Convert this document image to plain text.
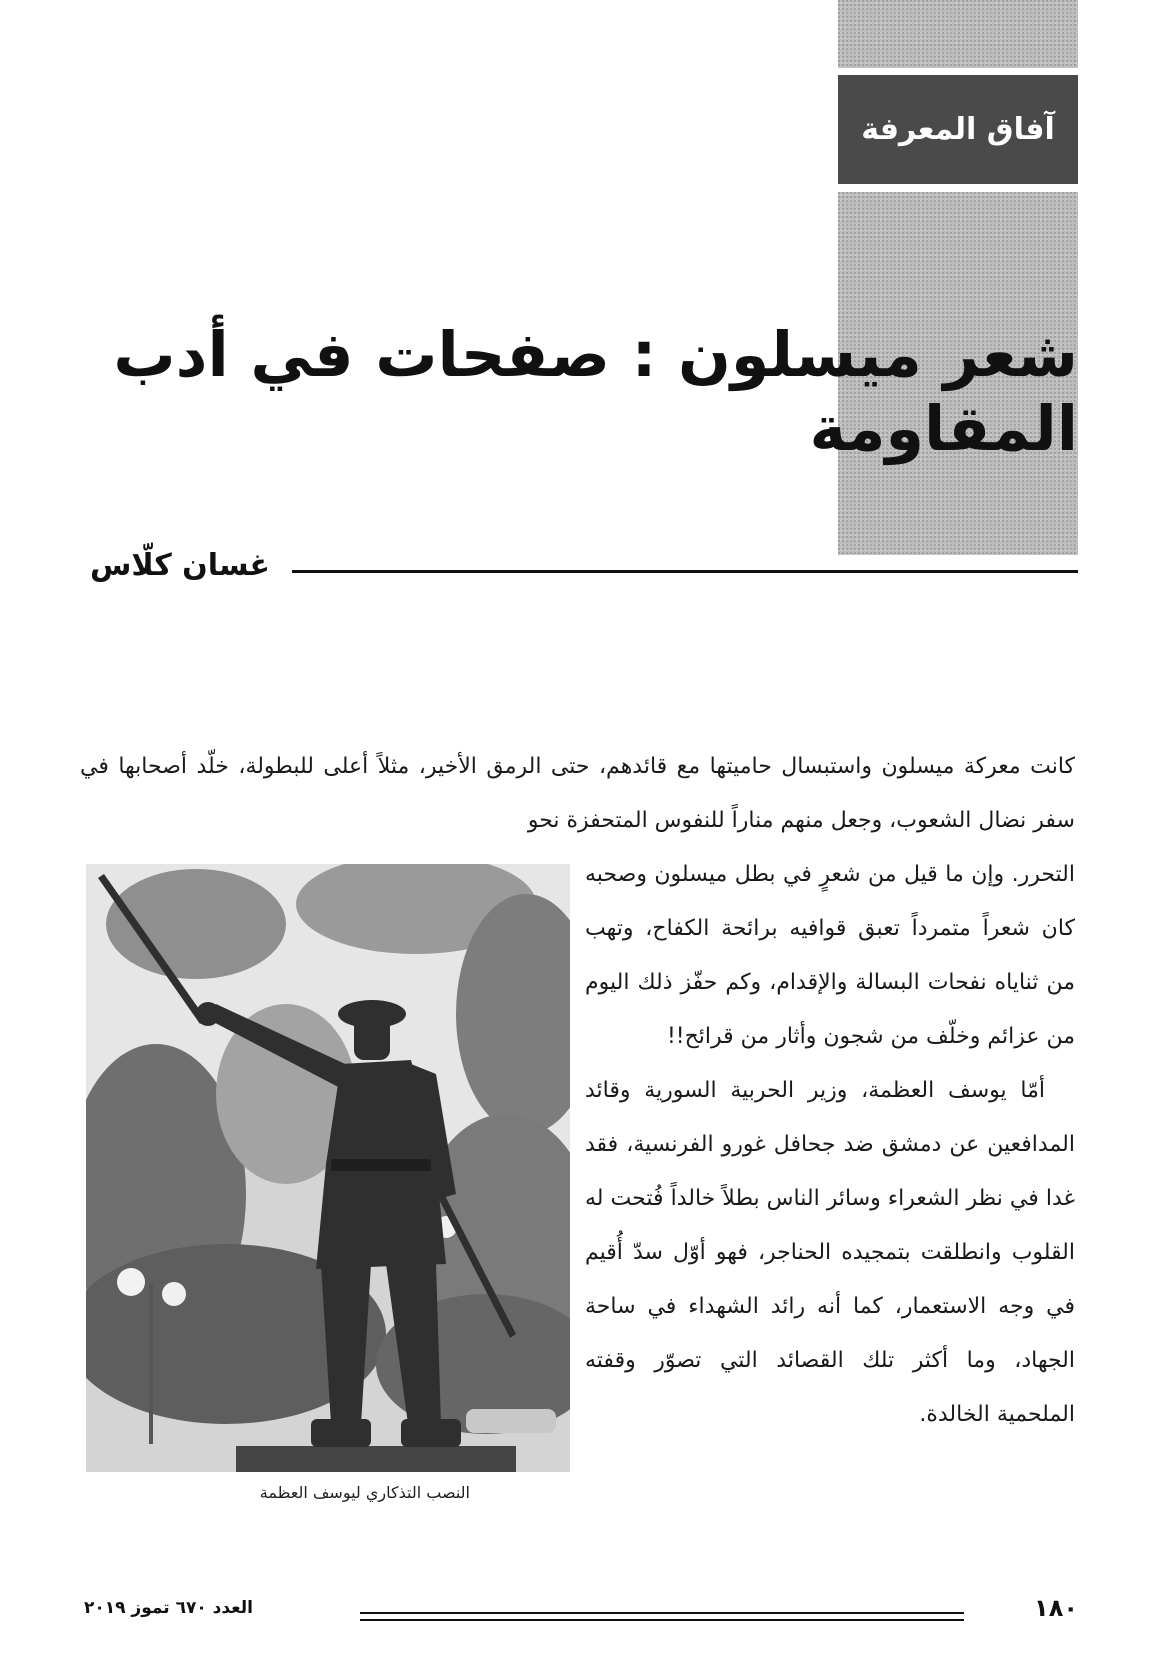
آفاق المعرفة
شعر ميسلون : صفحات في أدب المقاومة
غسان كلّاس

كانت معركة ميسلون واستبسال حاميتها مع قائدهم، حتى الرمق الأخير، مثلاً أعلى للبطولة، خلّد أصحابها في سفر نضال الشعوب، وجعل منهم مناراً للنفوس المتحفزة نحو

التحرر. وإن ما قيل من شعرٍ في بطل ميسلون وصحبه كان شعراً متمرداً تعبق قوافيه برائحة الكفاح، وتهب من ثناياه نفحات البسالة والإقدام، وكم حفّز ذلك اليوم من عزائم وخلّف من شجون وأثار من قرائح!!

أمّا يوسف العظمة، وزير الحربية السورية وقائد المدافعين عن دمشق ضد جحافل غورو الفرنسية، فقد غدا في نظر الشعراء وسائر الناس بطلاً خالداً فُتحت له القلوب وانطلقت بتمجيده الحناجر، فهو أوّل سدّ أُقيم في وجه الاستعمار، كما أنه رائد الشهداء في ساحة الجهاد، وما أكثر تلك القصائد التي تصوّر وقفته الملحمية الخالدة.

النصب التذكاري ليوسف العظمة
١٨٠
العدد ٦٧٠ تموز ٢٠١٩
